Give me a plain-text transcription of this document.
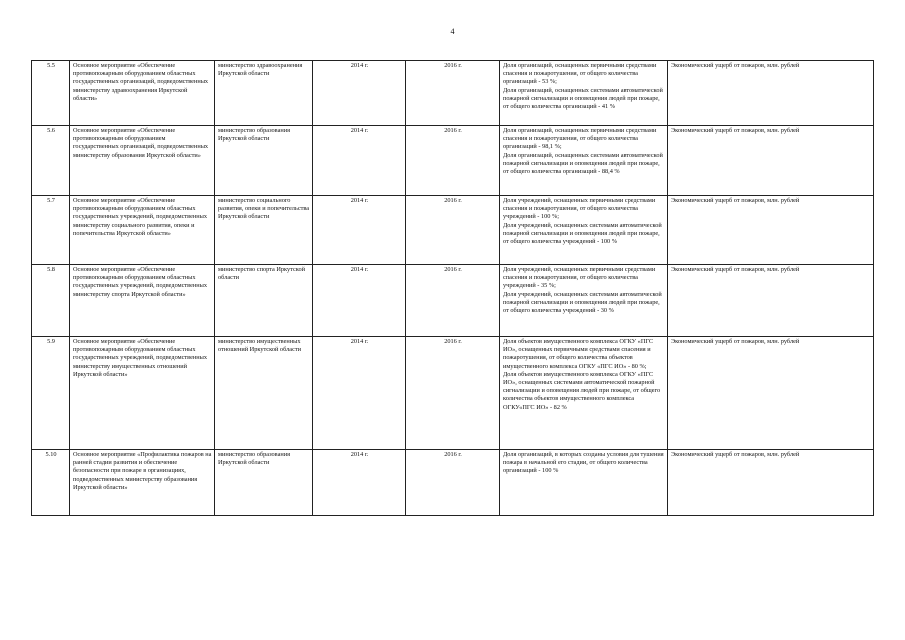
4
5.5	Основное мероприятие «Обеспечение противопожарным оборудованием областных государственных организаций, подведомственных министерству здравоохранения Иркутской области»	министерство здравоохранения Иркутской области	2014 г.	2016 г.	Доля организаций, оснащенных первичными средствами спасения и пожаротушения, от общего количества организаций - 53 %;
Доля организаций, оснащенных системами автоматической пожарной сигнализации и оповещения людей при пожаре, от общего количества организаций - 41 %	Экономический ущерб от пожаров, млн. рублей
5.6	Основное мероприятие «Обеспечение противопожарным оборудованием государственных организаций, подведомственных министерству образования Иркутской области»	министерство образования Иркутской области	2014 г.	2016 г.	Доля организаций, оснащенных первичными средствами спасения и пожаротушения, от общего количества организаций - 98,1 %;
Доля организаций, оснащенных системами автоматической пожарной сигнализации и оповещения людей при пожаре, от общего количества организаций - 88,4 %	Экономический ущерб от пожаров, млн. рублей
5.7	Основное мероприятие «Обеспечение противопожарным оборудованием областных государственных учреждений, подведомственных министерству социального развития, опеки и попечительства Иркутской области»	министерство социального развития, опеки и попечительства Иркутской области	2014 г.	2016 г.	Доля учреждений, оснащенных первичными средствами спасения и пожаротушения, от общего количества учреждений - 100 %;
Доля учреждений, оснащенных системами автоматической пожарной сигнализации и оповещения людей при пожаре, от общего количества учреждений - 100 %	Экономический ущерб от пожаров, млн. рублей
5.8	Основное мероприятие «Обеспечение противопожарным оборудованием областных государственных учреждений, подведомственных министерству спорта Иркутской области»	министерство спорта Иркутской области	2014 г.	2016 г.	Доля учреждений, оснащенных первичными средствами спасения и пожаротушения, от общего количества учреждений - 35 %;
Доля учреждений, оснащенных системами автоматической пожарной сигнализации и оповещения людей при пожаре, от общего количества учреждений - 30 %	Экономический ущерб от пожаров, млн. рублей
5.9	Основное мероприятие «Обеспечение противопожарным оборудованием областных государственных учреждений, подведомственных министерству имущественных отношений Иркутской области»	министерство имущественных отношений Иркутской области	2014 г.	2016 г.	Доля объектов имущественного комплекса ОГКУ «ПГС ИО», оснащенных первичными средствами спасения и пожаротушения, от общего количества объектов имущественного комплекса ОГКУ «ПГС ИО» - 80 %;
Доля объектов имущественного комплекса ОГКУ «ПГС ИО», оснащенных системами автоматической пожарной сигнализации и оповещения людей при пожаре, от общего количества объектов имущественного комплекса ОГКУ«ПГС ИО» - 82 %	Экономический ущерб от пожаров, млн. рублей
5.10	Основное мероприятие «Профилактика пожаров на ранней стадии развития и обеспечение безопасности при пожаре в организациях, подведомственных министерству образования Иркутской области»	министерство образования Иркутской области	2014 г.	2016 г.	Доля организаций, в которых созданы условия для тушения пожара в начальной его стадии, от общего количества организаций - 100 %	Экономический ущерб от пожаров, млн. рублей
